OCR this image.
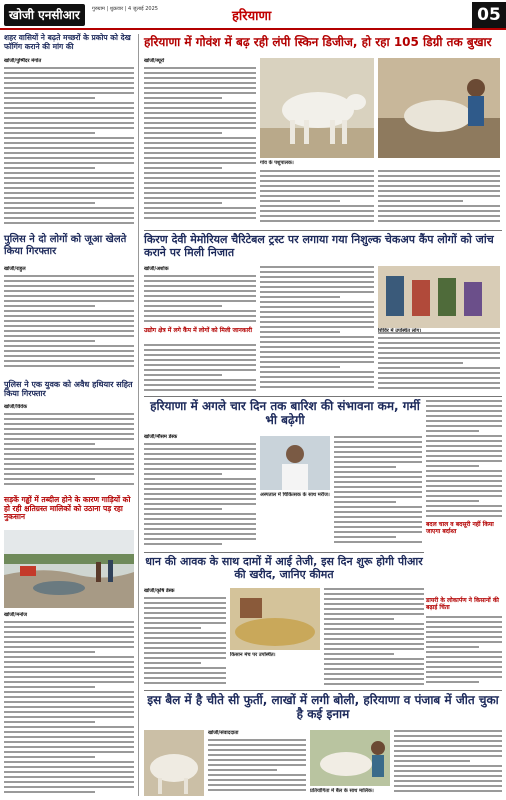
खोजी एनसीआर	गुरुग्राम | शुक्रवार | 4 जुलाई 2025	हरियाणा	05
शहर वासियों ने बढ़ते मच्छरों के प्रकोप को देख फॉगिंग कराने की मांग की
खोजी/पुष्पिंदर मंगोत
पुलिस ने दो लोगों को जूआ खेलते किया गिरफ्तार
खोजी/राहुल
पुलिस ने एक युवक को अवैध हथियार सहित किया गिरफ्तार
खोजी/विवेक
सड़कें गड्ढों में तब्दील होने के कारण गाड़ियों को हो रही क्षतिग्रस्त मालिकों को उठाना पड़ रहा नुकसान
खोजी/मनोज
हरियाणा में गोवंश में बढ़ रही लंपी स्किन डिजीज, हो रहा 105 डिग्री तक बुखार
खोजी/ब्यूरो
गांव के पशुपालक।
किरण देवी मेमोरियल चैरिटेबल ट्रस्ट पर लगाया गया निशुल्क चेकअप कैंप लोगों को जांच कराने पर मिली निजात
खोजी/अशोक
उद्योग क्षेत्र में लगे कैंप में लोगों को मिली जानकारी
हरियाणा में अगले चार दिन तक बारिश की संभावना कम, गर्मी भी बढ़ेगी
खोजी/मौसम डेस्क
अस्पताल में चिकित्सक के साथ मरीज।
बदल चाल व बदसूरी नहीं किया जाएगा बर्दाश्त
धान की आवक के साथ दामों में आई तेजी, इस दिन शुरू होगी पीआर की खरीद, जानिए कीमत
खोजी/कृषि डेस्क
किसान मंच पर उपस्थित।
डायरी के लोकार्पण ने किसानों की बढ़ाई चिंता
इस बैल में है चीते सी फुर्ती, लाखों में लगी बोली, हरियाणा व पंजाब में जीत चुका है कई इनाम
खोजी/संवाददाता
प्रतियोगिता में बैल के साथ मालिक।
शिविर में उपस्थित लोग।
